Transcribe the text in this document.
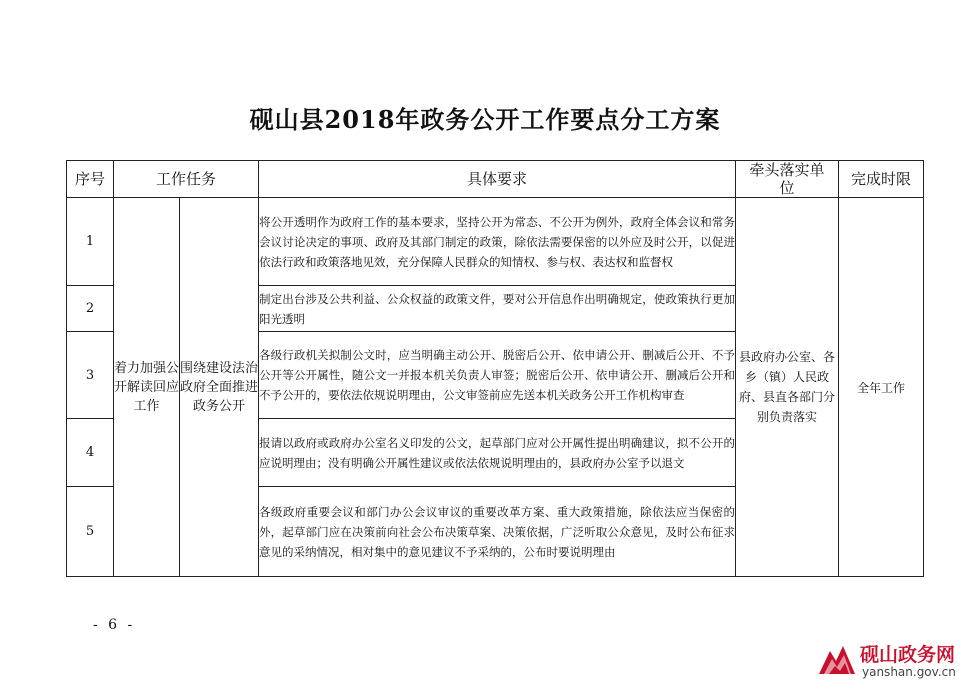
砚山县2018年政务公开工作要点分工方案
序号	工作任务		具体要求	牵头落实单位	完成时限
1	着力加强公开解读回应工作	围绕建设法治政府全面推进政务公开	将公开透明作为政府工作的基本要求，坚持公开为常态、不公开为例外，政府全体会议和常务会议讨论决定的事项、政府及其部门制定的政策，除依法需要保密的以外应及时公开，以促进依法行政和政策落地见效，充分保障人民群众的知情权、参与权、表达权和监督权	县政府办公室、各乡（镇）人民政府、县直各部门分别负责落实	全年工作
2			制定出台涉及公共利益、公众权益的政策文件，要对公开信息作出明确规定，使政策执行更加阳光透明		
3			各级行政机关拟制公文时，应当明确主动公开、脱密后公开、依申请公开、删减后公开、不予公开等公开属性，随公文一并报本机关负责人审签；脱密后公开、依申请公开、删减后公开和不予公开的，要依法依规说明理由，公文审签前应先送本机关政务公开工作机构审查		
4			报请以政府或政府办公室名义印发的公文，起草部门应对公开属性提出明确建议，拟不公开的应说明理由；没有明确公开属性建议或依法依规说明理由的，县政府办公室予以退文		
5			各级政府重要会议和部门办公会议审议的重要改革方案、重大政策措施，除依法应当保密的外，起草部门应在决策前向社会公布决策草案、决策依据，广泛听取公众意见，及时公布征求意见的采纳情况，相对集中的意见建议不予采纳的，公布时要说明理由		
- 6 -
砚山政务网
yanshan.gov.cn
